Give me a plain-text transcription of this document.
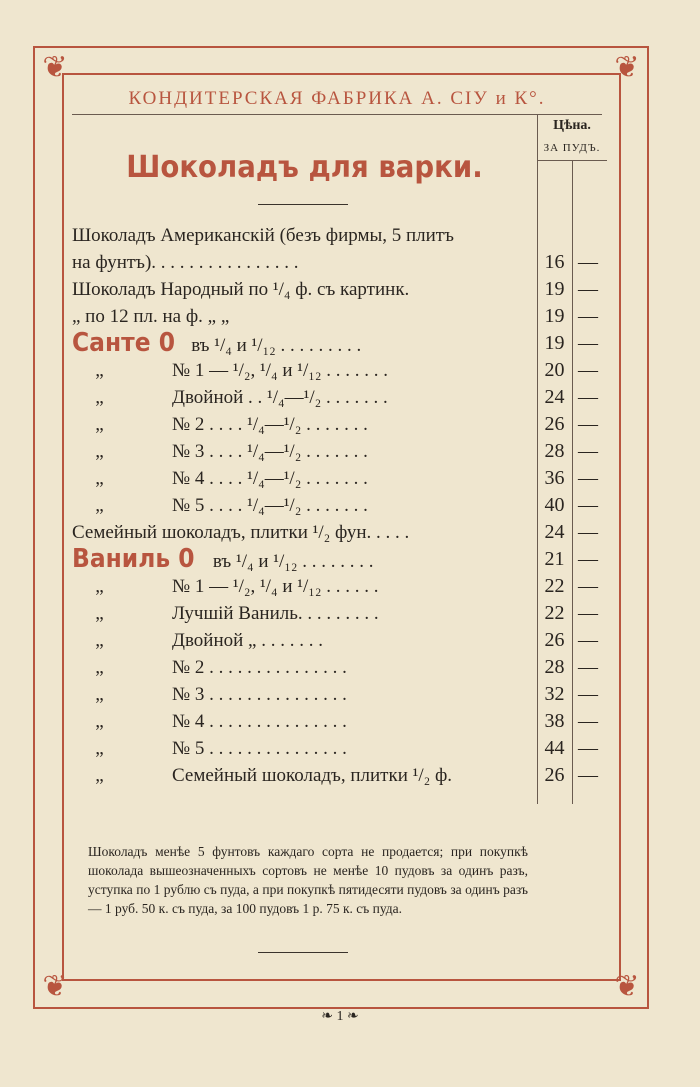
❦	❦
❦	❦
КОНДИТЕРСКАЯ ФАБРИКА А. СІУ и К°.
Цѣна.
ЗА ПУДЪ.
Шоколадъ для варки.
Шоколадъ Американскій (безъ фирмы, 5 плитъ
на фунтъ). . . . . . . . . . . . . . . .	16 —
Шоколадъ Народный по ¹/₄ ф. съ картинк.	19 —
„ по 12 пл. на ф. „ „	19 —
Санте 0 въ ¹/₄ и ¹/₁₂ . . . . . . . . .	19 —
„	№ 1 — ¹/₂, ¹/₄ и ¹/₁₂ . . . . . . .	20 —
„	Двойной . . ¹/₄—¹/₂ . . . . . . .	24 —
„	№ 2 . . . . ¹/₄—¹/₂ . . . . . . .	26 —
„	№ 3 . . . . ¹/₄—¹/₂ . . . . . . .	28 —
„	№ 4 . . . . ¹/₄—¹/₂ . . . . . . .	36 —
„	№ 5 . . . . ¹/₄—¹/₂ . . . . . . .	40 —
Семейный шоколадъ, плитки ¹/₂ фун. . . . .	24 —
Ваниль 0 въ ¹/₄ и ¹/₁₂ . . . . . . . .	21 —
„	№ 1 — ¹/₂, ¹/₄ и ¹/₁₂ . . . . . .	22 —
„	Лучшій Ваниль. . . . . . . . .	22 —
„	Двойной „ . . . . . . .	26 —
„	№ 2 . . . . . . . . . . . . . . .	28 —
„	№ 3 . . . . . . . . . . . . . . .	32 —
„	№ 4 . . . . . . . . . . . . . . .	38 —
„	№ 5 . . . . . . . . . . . . . . .	44 —
„	Семейный шоколадъ, плитки ¹/₂ ф.	26 —
Шоколадъ менѣе 5 фунтовъ каждаго сорта не продается; при покупкѣ шоколада вышеозначенныхъ сортовъ не менѣе 10 пудовъ за одинъ разъ, уступка по 1 рублю съ пуда, а при покупкѣ пятидесяти пудовъ за одинъ разъ — 1 руб. 50 к. съ пуда, за 100 пудовъ 1 р. 75 к. съ пуда.
❧ 1 ❧
